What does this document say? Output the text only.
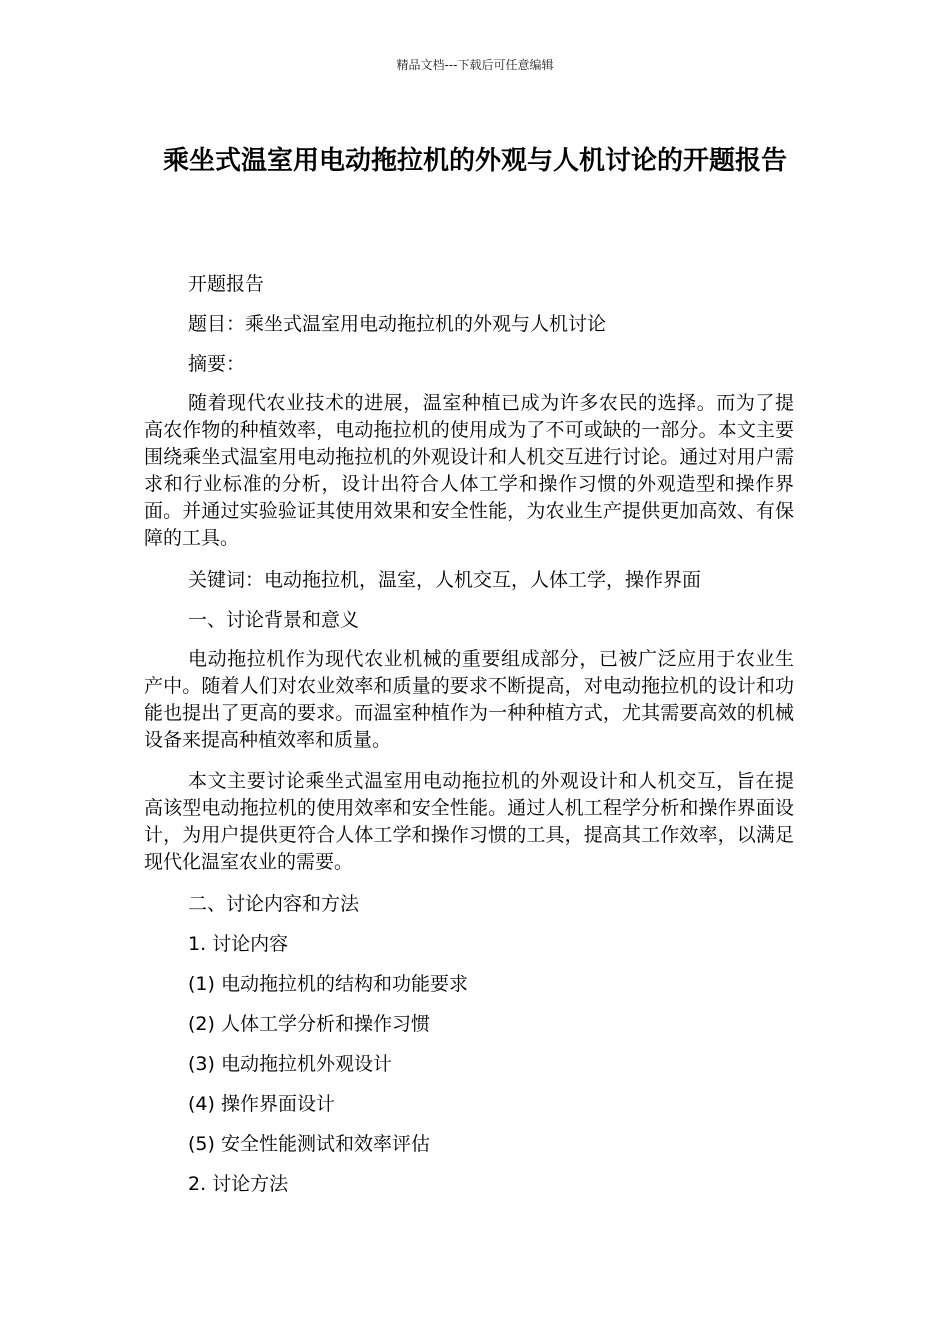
精品文档---下载后可任意编辑
乘坐式温室用电动拖拉机的外观与人机讨论的开题报告
开题报告
题目：乘坐式温室用电动拖拉机的外观与人机讨论
摘要：
随着现代农业技术的进展，温室种植已成为许多农民的选择。而为了提高农作物的种植效率，电动拖拉机的使用成为了不可或缺的一部分。本文主要围绕乘坐式温室用电动拖拉机的外观设计和人机交互进行讨论。通过对用户需求和行业标准的分析，设计出符合人体工学和操作习惯的外观造型和操作界面。并通过实验验证其使用效果和安全性能，为农业生产提供更加高效、有保障的工具。
关键词：电动拖拉机，温室，人机交互，人体工学，操作界面
一、讨论背景和意义
电动拖拉机作为现代农业机械的重要组成部分，已被广泛应用于农业生产中。随着人们对农业效率和质量的要求不断提高，对电动拖拉机的设计和功能也提出了更高的要求。而温室种植作为一种种植方式，尤其需要高效的机械设备来提高种植效率和质量。
本文主要讨论乘坐式温室用电动拖拉机的外观设计和人机交互，旨在提高该型电动拖拉机的使用效率和安全性能。通过人机工程学分析和操作界面设计，为用户提供更符合人体工学和操作习惯的工具，提高其工作效率，以满足现代化温室农业的需要。
二、讨论内容和方法
1. 讨论内容
(1) 电动拖拉机的结构和功能要求
(2) 人体工学分析和操作习惯
(3) 电动拖拉机外观设计
(4) 操作界面设计
(5) 安全性能测试和效率评估
2. 讨论方法
